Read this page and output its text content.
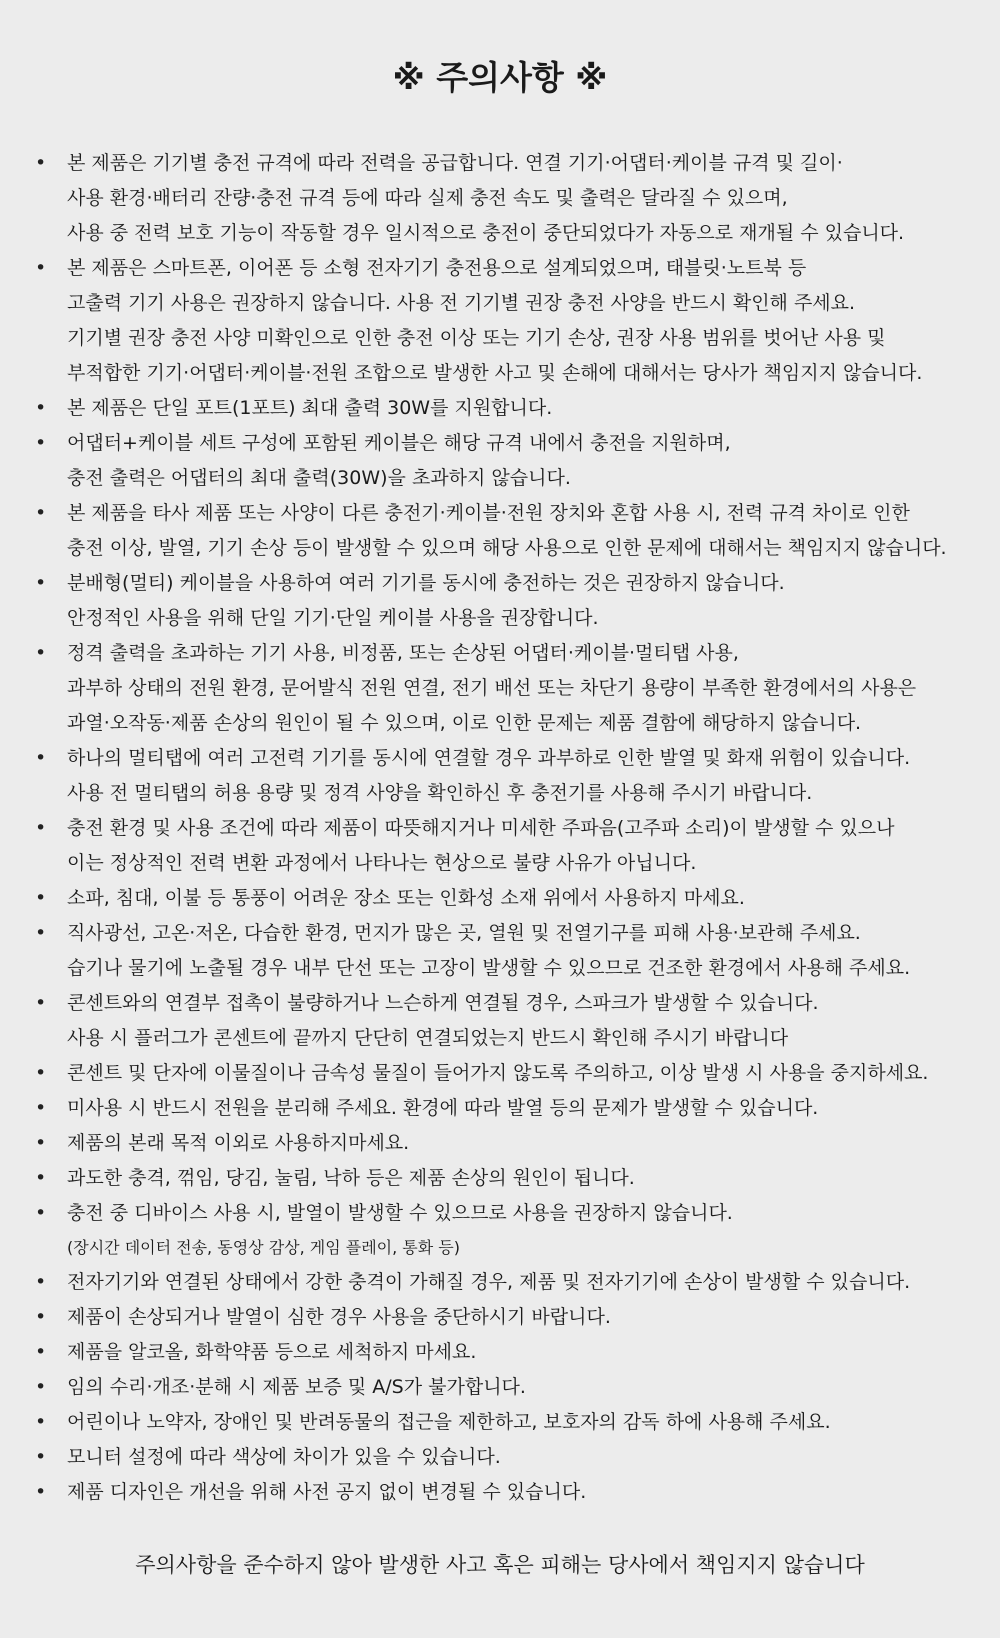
※ 주의사항 ※
• 본 제품은 기기별 충전 규격에 따라 전력을 공급합니다. 연결 기기·어댑터·케이블 규격 및 길이·
사용 환경·배터리 잔량·충전 규격 등에 따라 실제 충전 속도 및 출력은 달라질 수 있으며,
사용 중 전력 보호 기능이 작동할 경우 일시적으로 충전이 중단되었다가 자동으로 재개될 수 있습니다.
• 본 제품은 스마트폰, 이어폰 등 소형 전자기기 충전용으로 설계되었으며, 태블릿·노트북 등
고출력 기기 사용은 권장하지 않습니다. 사용 전 기기별 권장 충전 사양을 반드시 확인해 주세요.
기기별 권장 충전 사양 미확인으로 인한 충전 이상 또는 기기 손상, 권장 사용 범위를 벗어난 사용 및
부적합한 기기·어댑터·케이블·전원 조합으로 발생한 사고 및 손해에 대해서는 당사가 책임지지 않습니다.
• 본 제품은 단일 포트(1포트) 최대 출력 30W를 지원합니다.
• 어댑터+케이블 세트 구성에 포함된 케이블은 해당 규격 내에서 충전을 지원하며,
충전 출력은 어댑터의 최대 출력(30W)을 초과하지 않습니다.
• 본 제품을 타사 제품 또는 사양이 다른 충전기·케이블·전원 장치와 혼합 사용 시, 전력 규격 차이로 인한
충전 이상, 발열, 기기 손상 등이 발생할 수 있으며 해당 사용으로 인한 문제에 대해서는 책임지지 않습니다.
• 분배형(멀티) 케이블을 사용하여 여러 기기를 동시에 충전하는 것은 권장하지 않습니다.
안정적인 사용을 위해 단일 기기·단일 케이블 사용을 권장합니다.
• 정격 출력을 초과하는 기기 사용, 비정품, 또는 손상된 어댑터·케이블·멀티탭 사용,
과부하 상태의 전원 환경, 문어발식 전원 연결, 전기 배선 또는 차단기 용량이 부족한 환경에서의 사용은
과열·오작동·제품 손상의 원인이 될 수 있으며, 이로 인한 문제는 제품 결함에 해당하지 않습니다.
• 하나의 멀티탭에 여러 고전력 기기를 동시에 연결할 경우 과부하로 인한 발열 및 화재 위험이 있습니다.
사용 전 멀티탭의 허용 용량 및 정격 사양을 확인하신 후 충전기를 사용해 주시기 바랍니다.
• 충전 환경 및 사용 조건에 따라 제품이 따뜻해지거나 미세한 주파음(고주파 소리)이 발생할 수 있으나
이는 정상적인 전력 변환 과정에서 나타나는 현상으로 불량 사유가 아닙니다.
• 소파, 침대, 이불 등 통풍이 어려운 장소 또는 인화성 소재 위에서 사용하지 마세요.
• 직사광선, 고온·저온, 다습한 환경, 먼지가 많은 곳, 열원 및 전열기구를 피해 사용·보관해 주세요.
습기나 물기에 노출될 경우 내부 단선 또는 고장이 발생할 수 있으므로 건조한 환경에서 사용해 주세요.
• 콘센트와의 연결부 접촉이 불량하거나 느슨하게 연결될 경우, 스파크가 발생할 수 있습니다.
사용 시 플러그가 콘센트에 끝까지 단단히 연결되었는지 반드시 확인해 주시기 바랍니다
• 콘센트 및 단자에 이물질이나 금속성 물질이 들어가지 않도록 주의하고, 이상 발생 시 사용을 중지하세요.
• 미사용 시 반드시 전원을 분리해 주세요. 환경에 따라 발열 등의 문제가 발생할 수 있습니다.
• 제품의 본래 목적 이외로 사용하지마세요.
• 과도한 충격, 꺾임, 당김, 눌림, 낙하 등은 제품 손상의 원인이 됩니다.
• 충전 중 디바이스 사용 시, 발열이 발생할 수 있으므로 사용을 권장하지 않습니다.
(장시간 데이터 전송, 동영상 감상, 게임 플레이, 통화 등)
• 전자기기와 연결된 상태에서 강한 충격이 가해질 경우, 제품 및 전자기기에 손상이 발생할 수 있습니다.
• 제품이 손상되거나 발열이 심한 경우 사용을 중단하시기 바랍니다.
• 제품을 알코올, 화학약품 등으로 세척하지 마세요.
• 임의 수리·개조·분해 시 제품 보증 및 A/S가 불가합니다.
• 어린이나 노약자, 장애인 및 반려동물의 접근을 제한하고, 보호자의 감독 하에 사용해 주세요.
• 모니터 설정에 따라 색상에 차이가 있을 수 있습니다.
• 제품 디자인은 개선을 위해 사전 공지 없이 변경될 수 있습니다.
주의사항을 준수하지 않아 발생한 사고 혹은 피해는 당사에서 책임지지 않습니다
